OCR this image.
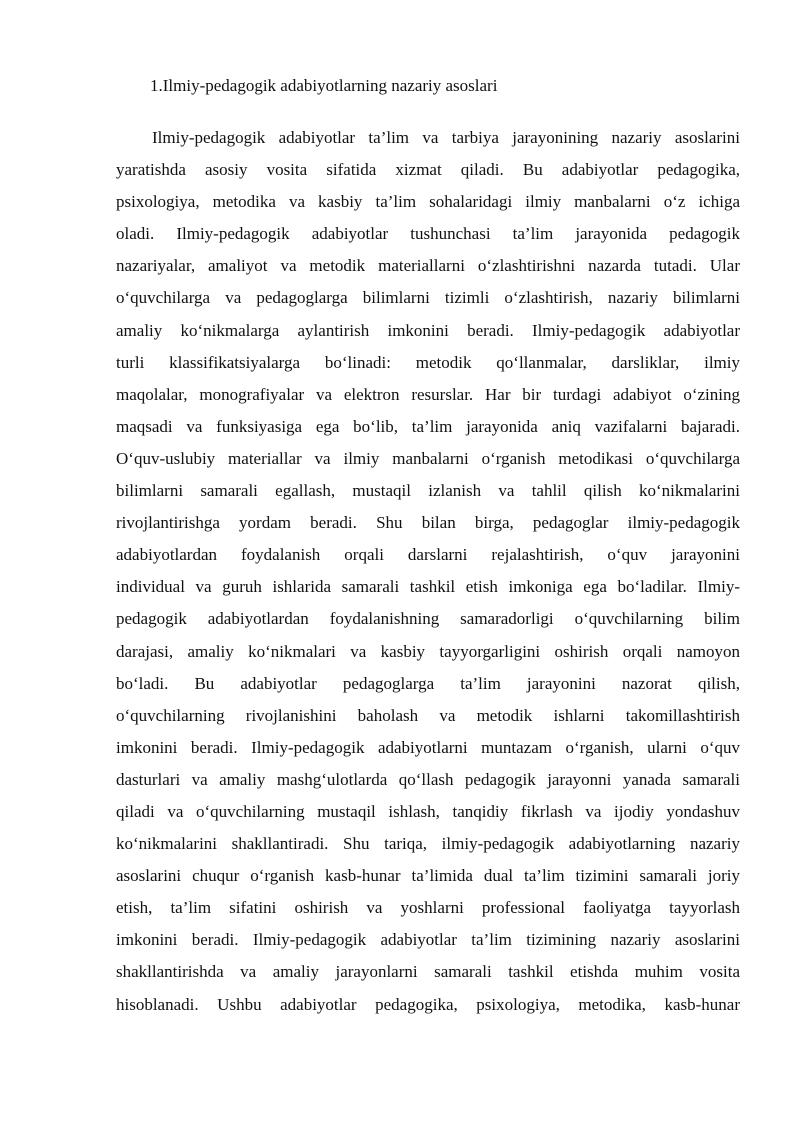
1.Ilmiy-pedagogik adabiyotlarning nazariy asoslari
Ilmiy-pedagogik adabiyotlar ta’lim va tarbiya jarayonining nazariy asoslarini
yaratishda asosiy vosita sifatida xizmat qiladi. Bu adabiyotlar pedagogika,
psixologiya, metodika va kasbiy ta’lim sohalaridagi ilmiy manbalarni o‘z ichiga
oladi. Ilmiy-pedagogik adabiyotlar tushunchasi ta’lim jarayonida pedagogik
nazariyalar, amaliyot va metodik materiallarni o‘zlashtirishni nazarda tutadi. Ular
o‘quvchilarga va pedagoglarga bilimlarni tizimli o‘zlashtirish, nazariy bilimlarni
amaliy ko‘nikmalarga aylantirish imkonini beradi. Ilmiy-pedagogik adabiyotlar
turli klassifikatsiyalarga bo‘linadi: metodik qo‘llanmalar, darsliklar, ilmiy
maqolalar, monografiyalar va elektron resurslar. Har bir turdagi adabiyot o‘zining
maqsadi va funksiyasiga ega bo‘lib, ta’lim jarayonida aniq vazifalarni bajaradi.
O‘quv-uslubiy materiallar va ilmiy manbalarni o‘rganish metodikasi o‘quvchilarga
bilimlarni samarali egallash, mustaqil izlanish va tahlil qilish ko‘nikmalarini
rivojlantirishga yordam beradi. Shu bilan birga, pedagoglar ilmiy-pedagogik
adabiyotlardan foydalanish orqali darslarni rejalashtirish, o‘quv jarayonini
individual va guruh ishlarida samarali tashkil etish imkoniga ega bo‘ladilar. Ilmiy-
pedagogik adabiyotlardan foydalanishning samaradorligi o‘quvchilarning bilim
darajasi, amaliy ko‘nikmalari va kasbiy tayyorgarligini oshirish orqali namoyon
bo‘ladi. Bu adabiyotlar pedagoglarga ta’lim jarayonini nazorat qilish,
o‘quvchilarning rivojlanishini baholash va metodik ishlarni takomillashtirish
imkonini beradi. Ilmiy-pedagogik adabiyotlarni muntazam o‘rganish, ularni o‘quv
dasturlari va amaliy mashg‘ulotlarda qo‘llash pedagogik jarayonni yanada samarali
qiladi va o‘quvchilarning mustaqil ishlash, tanqidiy fikrlash va ijodiy yondashuv
ko‘nikmalarini shakllantiradi. Shu tariqa, ilmiy-pedagogik adabiyotlarning nazariy
asoslarini chuqur o‘rganish kasb-hunar ta’limida dual ta’lim tizimini samarali joriy
etish, ta’lim sifatini oshirish va yoshlarni professional faoliyatga tayyorlash
imkonini beradi. Ilmiy-pedagogik adabiyotlar ta’lim tizimining nazariy asoslarini
shakllantirishda va amaliy jarayonlarni samarali tashkil etishda muhim vosita
hisoblanadi. Ushbu adabiyotlar pedagogika, psixologiya, metodika, kasb-hunar
